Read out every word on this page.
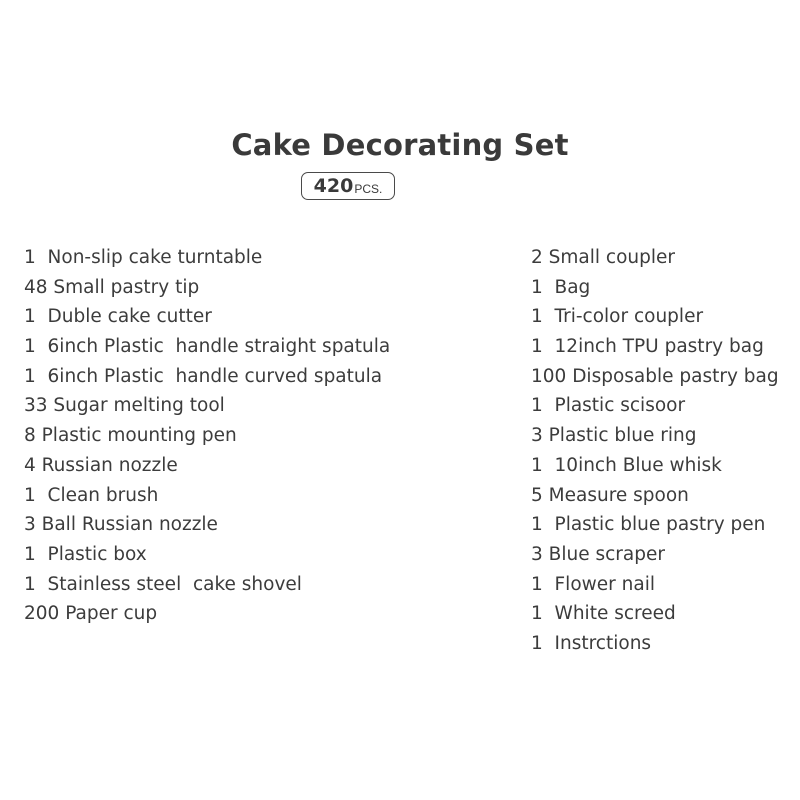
Cake Decorating Set
420 PCS.
1  Non-slip cake turntable
48 Small pastry tip
1  Duble cake cutter
1  6inch Plastic  handle straight spatula
1  6inch Plastic  handle curved spatula
33 Sugar melting tool
8 Plastic mounting pen
4 Russian nozzle
1  Clean brush
3 Ball Russian nozzle
1  Plastic box
1  Stainless steel  cake shovel
200 Paper cup
2 Small coupler
1  Bag
1  Tri-color coupler
1  12inch TPU pastry bag
100 Disposable pastry bag
1  Plastic scisoor
3 Plastic blue ring
1  10inch Blue whisk
5 Measure spoon
1  Plastic blue pastry pen
3 Blue scraper
1  Flower nail
1  White screed
1  Instrctions
